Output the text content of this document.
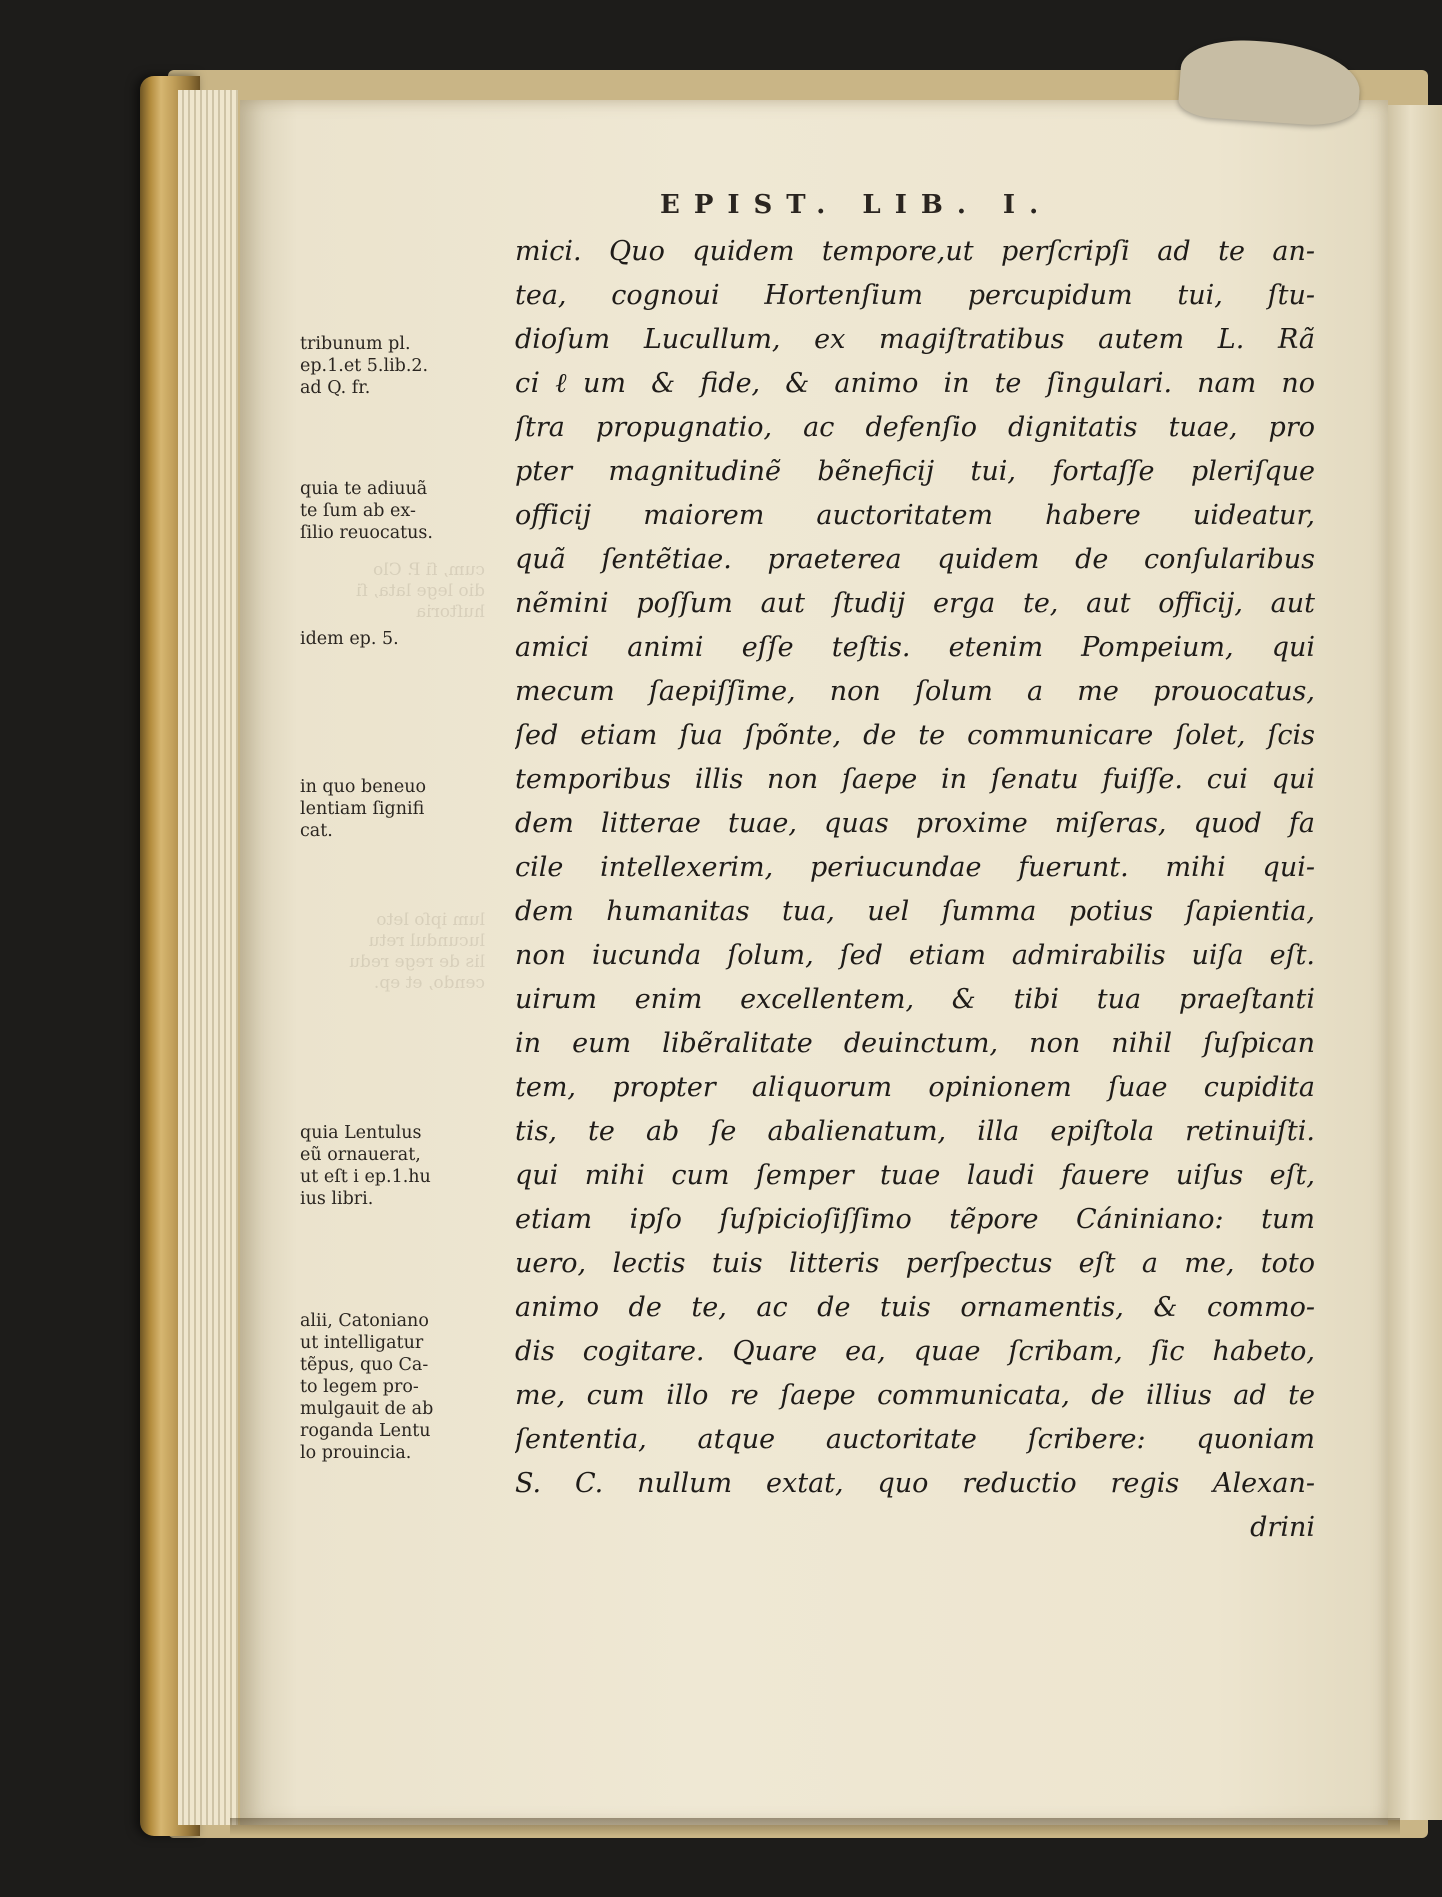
cum, ſi P. Clo
dio lege lata, ſi
huſtoria
lum ipſo leto
lucundul retu
lis de rege redu
cendo, et ep.
EPIST. LIB. I.
mici. Quo quidem tempore,ut perſcripſi ad te an-
tea, cognoui Hortenſium percupidum tui, ſtu-
dioſum Lucullum, ex magiſtratibus autem L. Rã
ci̇ℓum & fide, & animo in te ſingulari. nam no
ſtra propugnatio, ac defenſio dignitatis tuae, pro
pter magnitudinẽ bẽneficij tui, fortaſſe pleriſque
officij maiorem auctoritatem habere uideatur,
quã ſentẽtiae. praeterea quidem de conſularibus
nẽmini poſſum aut ſtudij erga te, aut officij, aut
amici animi eſſe teſtis. etenim Pompeium, qui
mecum ſaepiſſime, non ſolum a me prouocatus,
ſed etiam ſua ſpõnte, de te communicare ſolet, ſcis
temporibus illis non ſaepe in ſenatu fuiſſe. cui qui
dem litterae tuae, quas proxime miſeras, quod fa
cile intellexerim, periucundae fuerunt. mihi qui-
dem humanitas tua, uel ſumma potius ſapientia,
non iucunda ſolum, ſed etiam admirabilis uiſa eſt.
uirum enim excellentem, & tibi tua praeſtanti
in eum libẽralitate deuinctum, non nihil ſuſpican
tem, propter aliquorum opinionem ſuae cupidita
tis, te ab ſe abalienatum, illa epiſtola retinuiſti.
qui mihi cum ſemper tuae laudi fauere uiſus eſt,
etiam ipſo ſuſpicioſiſſimo tẽpore Cániniano: tum
uero, lectis tuis litteris perſpectus eſt a me, toto
animo de te, ac de tuis ornamentis, & commo-
dis cogitare. Quare ea, quae ſcribam, ſic habeto,
me, cum illo re ſaepe communicata, de illius ad te
ſententia, atque auctoritate ſcribere: quoniam
S. C. nullum extat, quo reductio regis Alexan-
drini
tribunum pl.
ep.1.et 5.lib.2.
ad Q. fr.
quia te adiuuã
te ſum ab ex-
ſilio reuocatus.
idem ep. 5.
in quo beneuo
lentiam ſignifi
cat.
quia Lentulus
eũ ornauerat,
ut eſt i ep.1.hu
ius libri.
alii, Catoniano
ut intelligatur
tẽpus, quo Ca-
to legem pro-
mulgauit de ab
roganda Lentu
lo prouincia.
